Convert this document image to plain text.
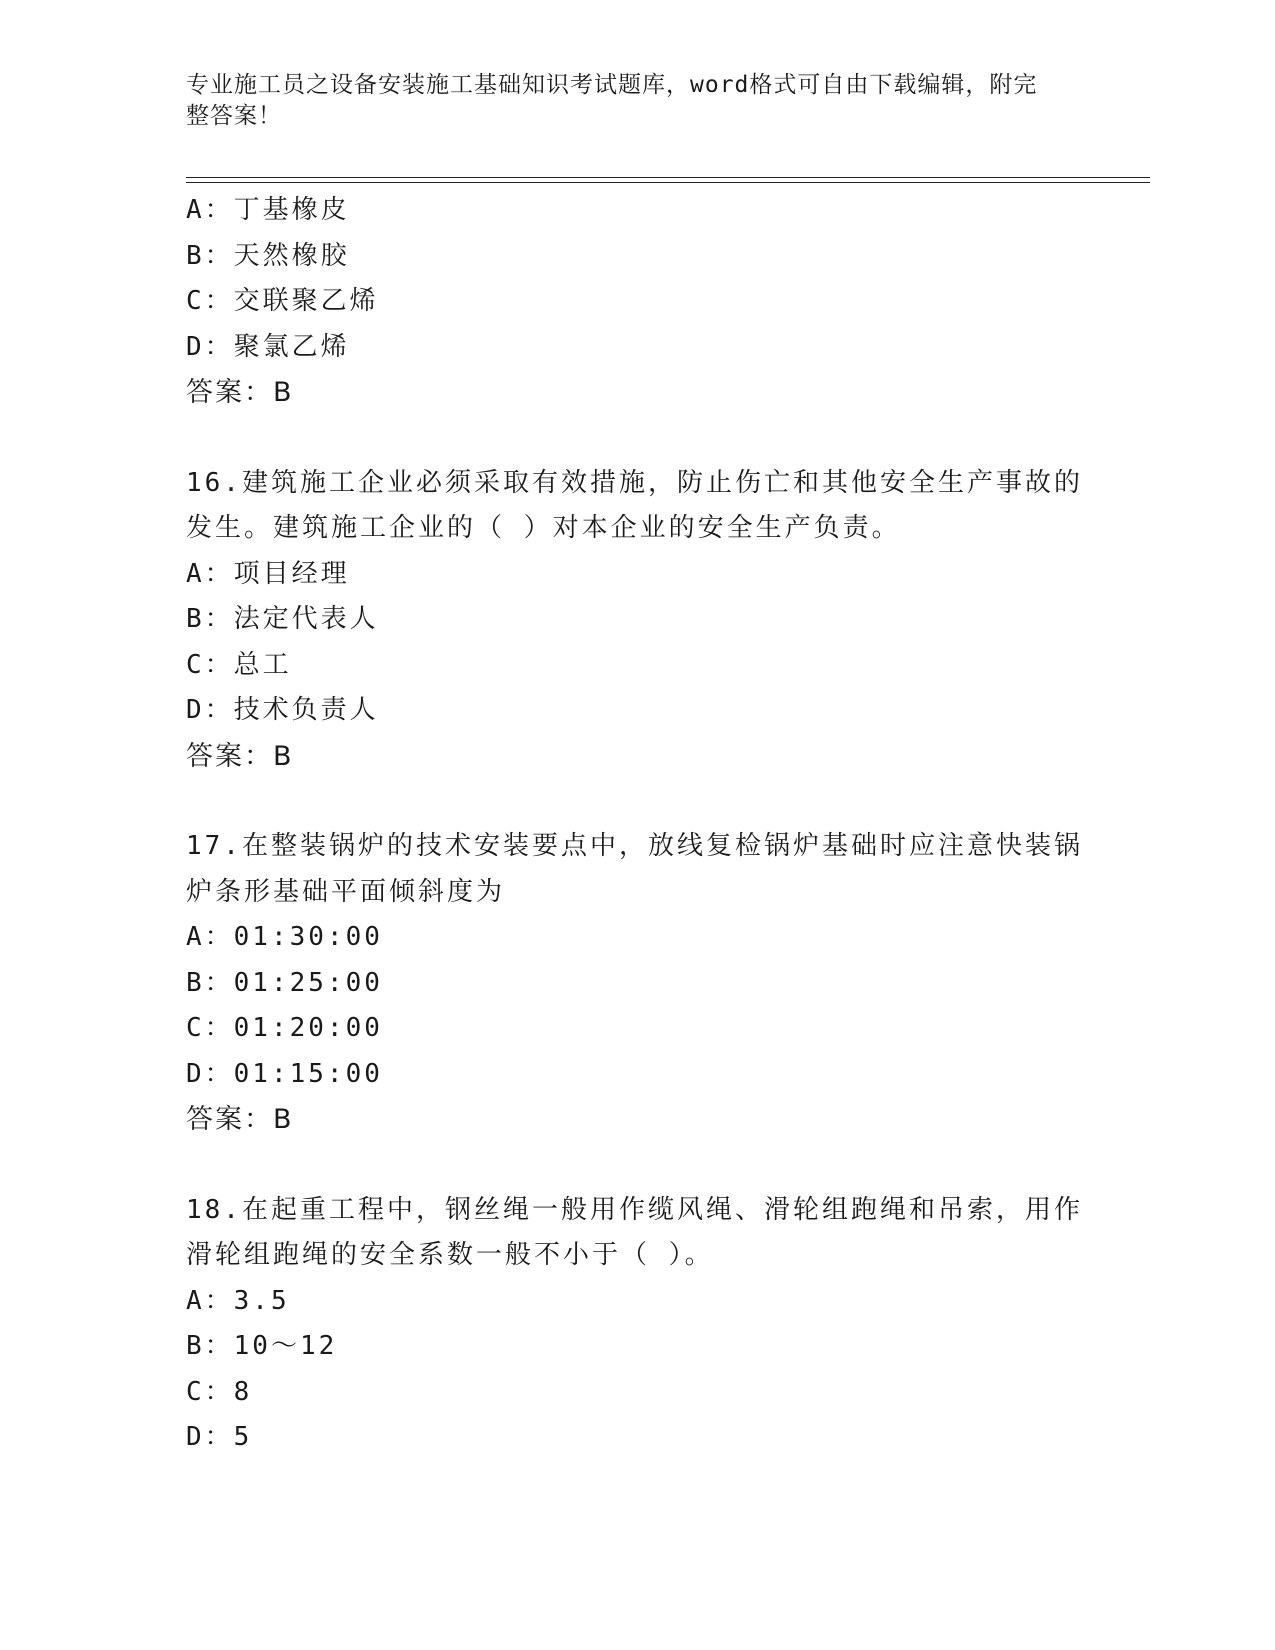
专业施工员之设备安装施工基础知识考试题库，word格式可自由下载编辑，附完
整答案！
A：丁基橡皮
B：天然橡胶
C：交联聚乙烯
D：聚氯乙烯
答案：B
16.建筑施工企业必须采取有效措施，防止伤亡和其他安全生产事故的
发生。建筑施工企业的（ ）对本企业的安全生产负责。
A：项目经理
B：法定代表人
C：总工
D：技术负责人
答案：B
17.在整装锅炉的技术安装要点中，放线复检锅炉基础时应注意快装锅
炉条形基础平面倾斜度为
A：01:30:00
B：01:25:00
C：01:20:00
D：01:15:00
答案：B
18.在起重工程中，钢丝绳一般用作缆风绳、滑轮组跑绳和吊索，用作
滑轮组跑绳的安全系数一般不小于（ ）。
A：3.5
B：10～12
C：8
D：5
